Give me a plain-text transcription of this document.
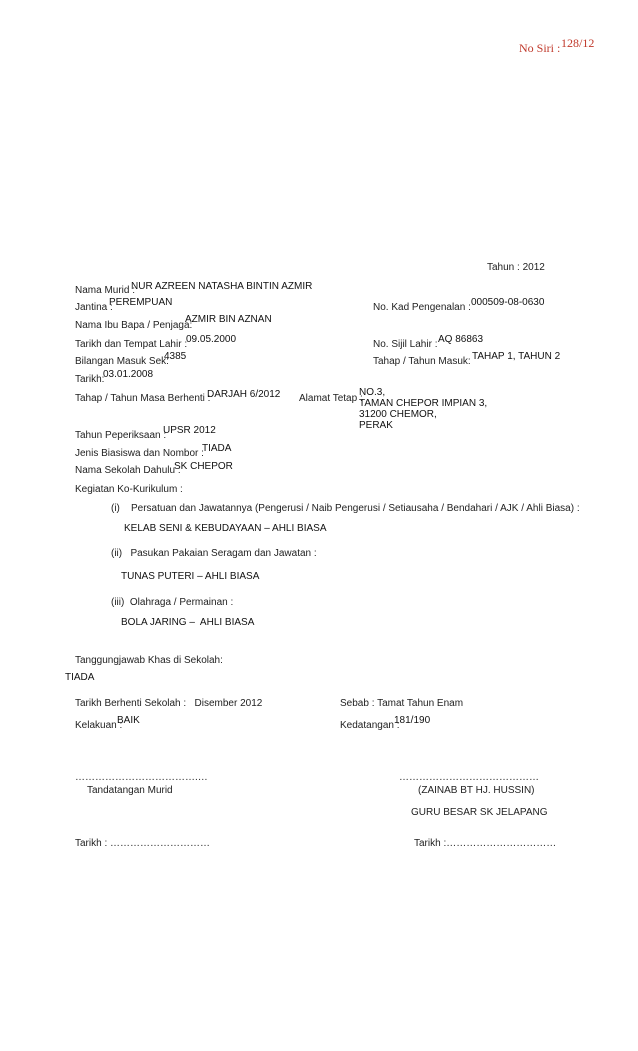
No Siri : 128/12
Tahun : 2012
Nama Murid :
NUR AZREEN NATASHA BINTIN AZMIR
Jantina :
PEREMPUAN	No. Kad Pengenalan : 000509-08-0630
Nama Ibu Bapa / Penjaga:
AZMIR BIN AZNAN
Tarikh dan Tempat Lahir :
09.05.2000	No. Sijil Lahir : AQ 86863
Bilangan Masuk Sek:
4385	Tahap / Tahun Masuk: TAHAP 1, TAHUN 2
Tarikh:
03.01.2008
Tahap / Tahun Masa Berhenti :
DARJAH 6/2012 Alamat Tetap :
NO.3,
TAMAN CHEPOR IMPIAN 3,
31200 CHEMOR,
PERAK
Tahun Peperiksaan :
UPSR 2012
Jenis Biasiswa dan Nombor :
TIADA
Nama Sekolah Dahulu :
SK CHEPOR
Kegiatan Ko-Kurikulum :
(i)    Persatuan dan Jawatannya (Pengerusi / Naib Pengerusi / Setiausaha / Bendahari / AJK / Ahli Biasa) :
KELAB SENI & KEBUDAYAAN – AHLI BIASA
(ii)   Pasukan Pakaian Seragam dan Jawatan :
TUNAS PUTERI – AHLI BIASA
(iii)  Olahraga / Permainan :
BOLA JARING –  AHLI BIASA
Tanggungjawab Khas di Sekolah:
TIADA
Tarikh Berhenti Sekolah :   Disember 2012	Sebab : Tamat Tahun Enam
Kelakuan :
BAIK	Kedatangan :
181/190
……………………………….…
Tandatangan Murid
……………………………………
(ZAINAB BT HJ. HUSSIN)
GURU BESAR SK JELAPANG
Tarikh : …………………………	Tarikh :……………………………
